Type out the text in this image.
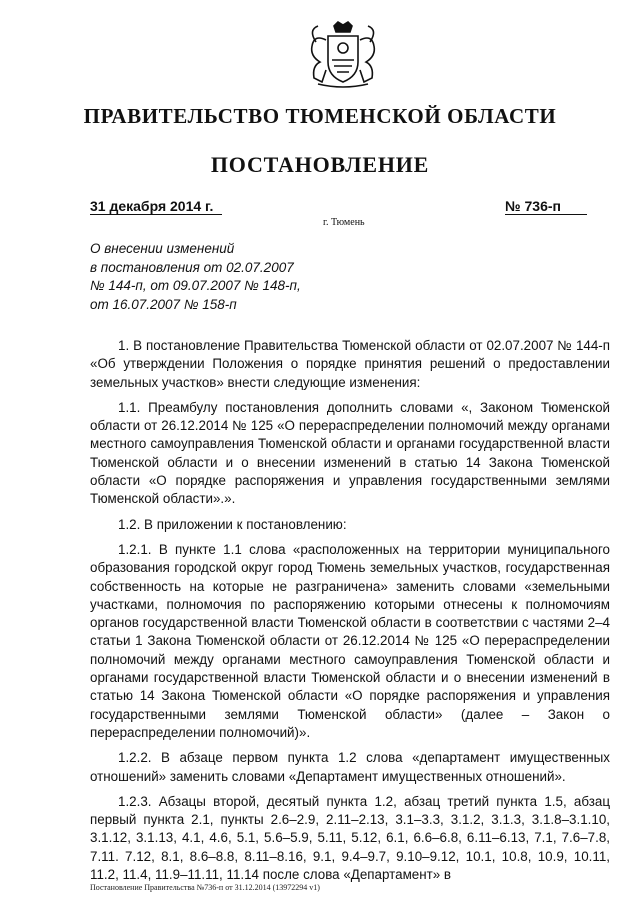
ПРАВИТЕЛЬСТВО ТЮМЕНСКОЙ ОБЛАСТИ
ПОСТАНОВЛЕНИЕ
31 декабря 2014 г.	№ 736-п
г. Тюмень
О внесении изменений
в постановления от 02.07.2007
№ 144-п, от 09.07.2007 № 148-п,
от 16.07.2007 № 158-п

1. В постановление Правительства Тюменской области от 02.07.2007 № 144-п «Об утверждении Положения о порядке принятия решений о предоставлении земельных участков» внести следующие изменения:

1.1. Преамбулу постановления дополнить словами «, Законом Тюменской области от 26.12.2014 № 125 «О перераспределении полномочий между органами местного самоуправления Тюменской области и органами государственной власти Тюменской области и о внесении изменений в статью 14 Закона Тюменской области «О порядке распоряжения и управления государственными землями Тюменской области».».

1.2. В приложении к постановлению:

1.2.1. В пункте 1.1 слова «расположенных на территории муниципального образования городской округ город Тюмень земельных участков, государственная собственность на которые не разграничена» заменить словами «земельными участками, полномочия по распоряжению которыми отнесены к полномочиям органов государственной власти Тюменской области в соответствии с частями 2–4 статьи 1 Закона Тюменской области от 26.12.2014 № 125 «О перераспределении полномочий между органами местного самоуправления Тюменской области и органами государственной власти Тюменской области и о внесении изменений в статью 14 Закона Тюменской области «О порядке распоряжения и управления государственными землями Тюменской области» (далее – Закон о перераспределении полномочий)».

1.2.2. В абзаце первом пункта 1.2 слова «департамент имущественных отношений» заменить словами «Департамент имущественных отношений».

1.2.3. Абзацы второй, десятый пункта 1.2, абзац третий пункта 1.5, абзац первый пункта 2.1, пункты 2.6–2.9, 2.11–2.13, 3.1–3.3, 3.1.2, 3.1.3, 3.1.8–3.1.10, 3.1.12, 3.1.13, 4.1, 4.6, 5.1, 5.6–5.9, 5.11, 5.12, 6.1, 6.6–6.8, 6.11–6.13, 7.1, 7.6–7.8, 7.11. 7.12, 8.1, 8.6–8.8, 8.11–8.16, 9.1, 9.4–9.7, 9.10–9.12, 10.1, 10.8, 10.9, 10.11, 11.2, 11.4, 11.9–11.11, 11.14 после слова «Департамент» в

Постановление Правительства №736-п от 31.12.2014 (13972294 v1)
